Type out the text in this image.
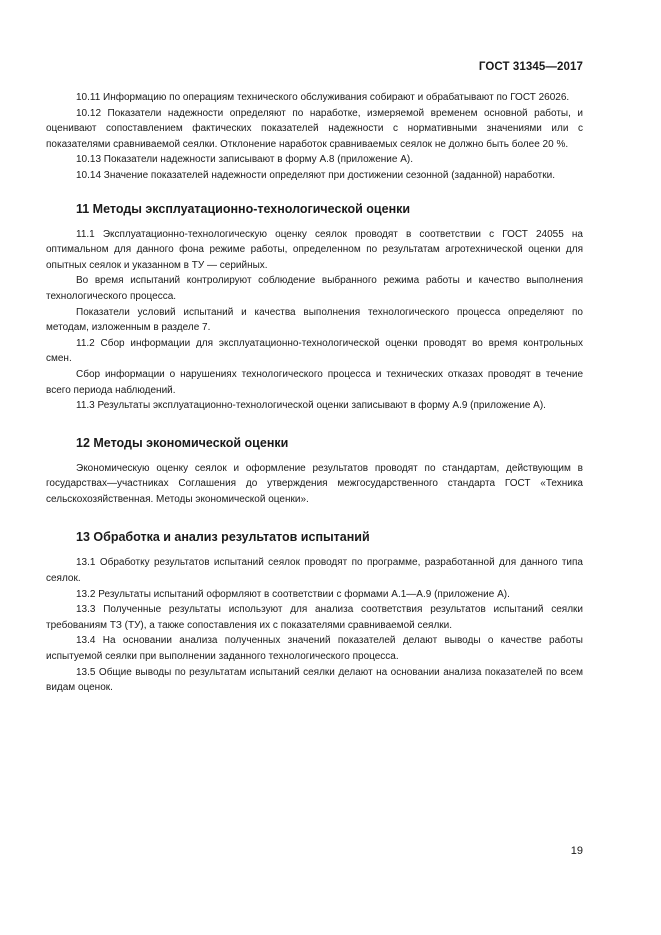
ГОСТ 31345—2017

10.11 Информацию по операциям технического обслуживания собирают и обрабатывают по ГОСТ 26026.

10.12 Показатели надежности определяют по наработке, измеряемой временем основной работы, и оценивают сопоставлением фактических показателей надежности с нормативными значениями или с показателями сравниваемой сеялки. Отклонение наработок сравниваемых сеялок не должно быть более 20 %.

10.13 Показатели надежности записывают в форму А.8 (приложение А).

10.14 Значение показателей надежности определяют при достижении сезонной (заданной) наработки.

11 Методы эксплуатационно-технологической оценки

11.1 Эксплуатационно-технологическую оценку сеялок проводят в соответствии с ГОСТ 24055 на оптимальном для данного фона режиме работы, определенном по результатам агротехнической оценки для опытных сеялок и указанном в ТУ — серийных.

Во время испытаний контролируют соблюдение выбранного режима работы и качество выполнения технологического процесса.

Показатели условий испытаний и качества выполнения технологического процесса определяют по методам, изложенным в разделе 7.

11.2 Сбор информации для эксплуатационно-технологической оценки проводят во время контрольных смен.

Сбор информации о нарушениях технологического процесса и технических отказах проводят в течение всего периода наблюдений.

11.3 Результаты эксплуатационно-технологической оценки записывают в форму А.9 (приложение А).

12 Методы экономической оценки

Экономическую оценку сеялок и оформление результатов проводят по стандартам, действующим в государствах—участниках Соглашения до утверждения межгосударственного стандарта ГОСТ «Техника сельскохозяйственная. Методы экономической оценки».

13 Обработка и анализ результатов испытаний

13.1 Обработку результатов испытаний сеялок проводят по программе, разработанной для данного типа сеялок.

13.2 Результаты испытаний оформляют в соответствии с формами А.1—А.9 (приложение А).

13.3 Полученные результаты используют для анализа соответствия результатов испытаний сеялки требованиям ТЗ (ТУ), а также сопоставления их с показателями сравниваемой сеялки.

13.4 На основании анализа полученных значений показателей делают выводы о качестве работы испытуемой сеялки при выполнении заданного технологического процесса.

13.5 Общие выводы по результатам испытаний сеялки делают на основании анализа показателей по всем видам оценок.

19
